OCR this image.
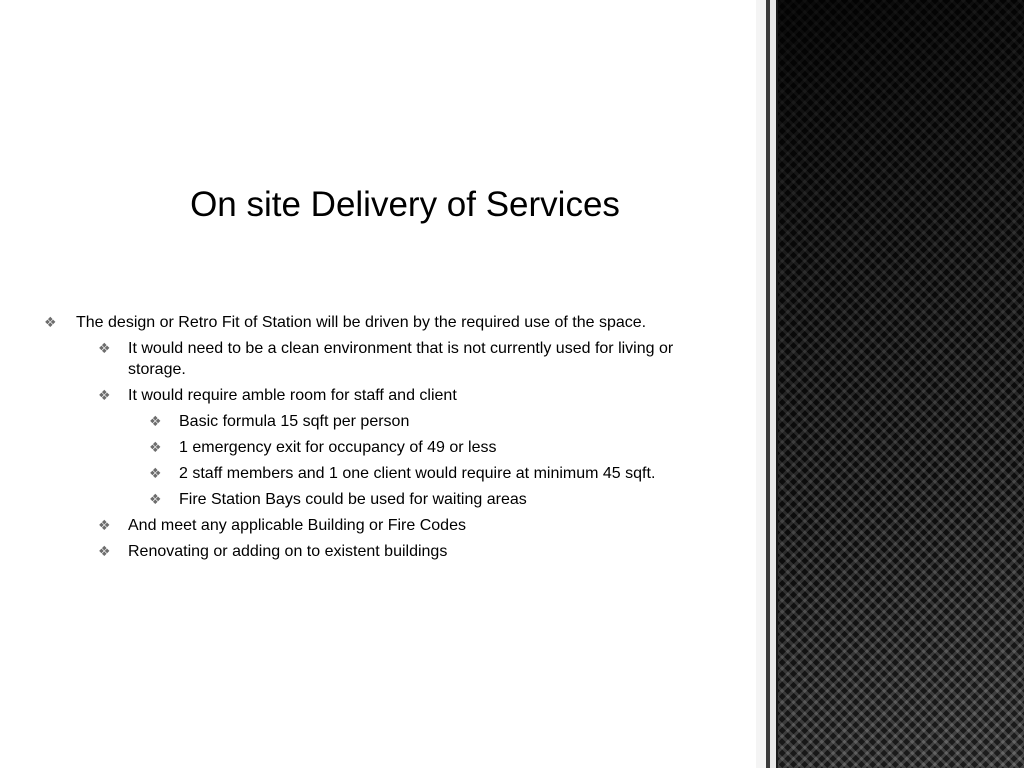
On site Delivery of Services
❖ The design or Retro Fit of Station will be driven by the required use of the space.
❖ It would need to be a clean environment that is not currently used for living or storage.
❖ It would require amble room for staff and client
❖ Basic formula 15 sqft per person
❖ 1 emergency exit for occupancy of 49 or less
❖ 2 staff members and 1 one client would require at minimum 45 sqft.
❖ Fire Station Bays could be used for waiting areas
❖ And meet any applicable Building or Fire Codes
❖ Renovating or adding on to existent buildings
